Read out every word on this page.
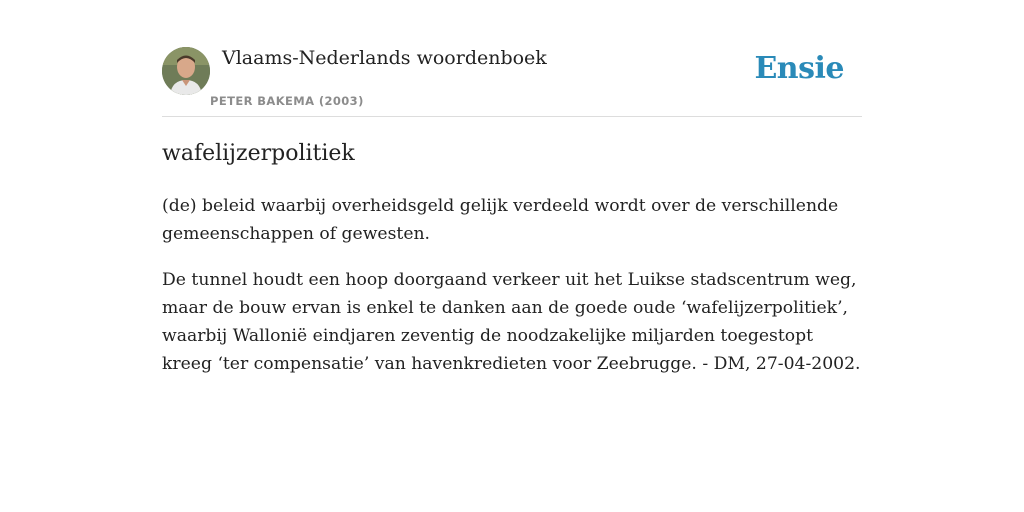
Vlaams-Nederlands woordenboek
PETER BAKEMA (2003)
Ensie
wafelijzerpolitiek

(de) beleid waarbij overheidsgeld gelijk verdeeld wordt over de verschillende gemeenschappen of gewesten.

De tunnel houdt een hoop doorgaand verkeer uit het Luikse stadscentrum weg, maar de bouw ervan is enkel te danken aan de goede oude ‘wafelijzerpolitiek’, waarbij Wallonië eindjaren zeventig de noodzakelijke miljarden toegestopt kreeg ‘ter compensatie’ van havenkredieten voor Zeebrugge. - DM, 27-04-2002.
